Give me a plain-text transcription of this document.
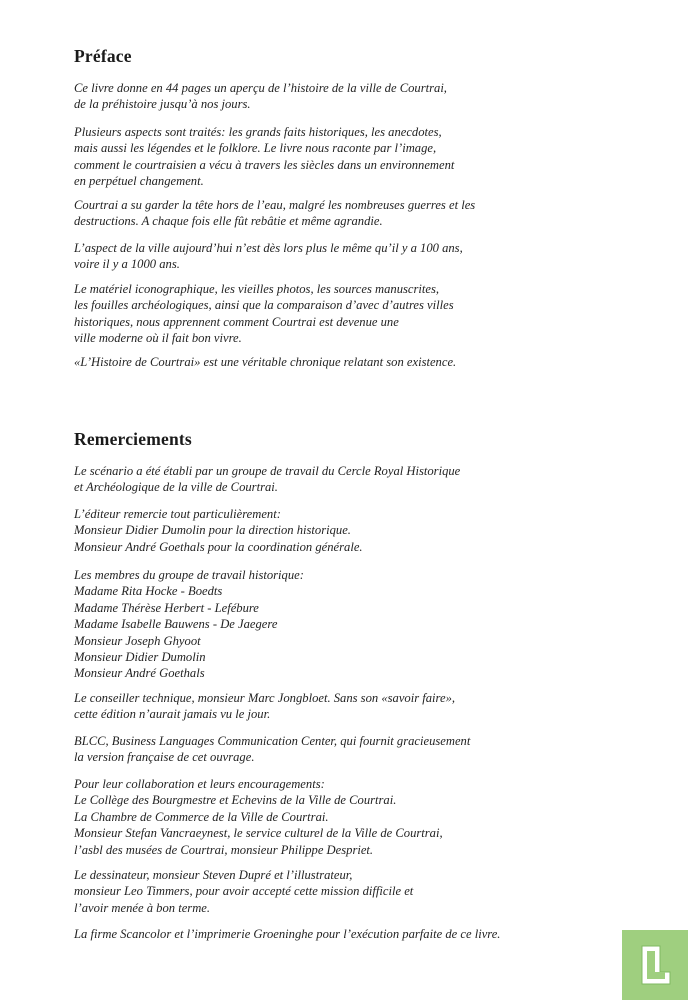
Préface

Ce livre donne en 44 pages un aperçu de l’histoire de la ville de Courtrai,
de la préhistoire jusqu’à nos jours.

Plusieurs aspects sont traités: les grands faits historiques, les anecdotes,
mais aussi les légendes et le folklore. Le livre nous raconte par l’image,
comment le courtraisien a vécu à travers les siècles dans un environnement
en perpétuel changement.

Courtrai a su garder la tête hors de l’eau, malgré les nombreuses guerres et les
destructions. A chaque fois elle fût rebâtie et même agrandie.

L’aspect de la ville aujourd’hui n’est dès lors plus le même qu’il y a 100 ans,
voire il y a 1000 ans.

Le matériel iconographique, les vieilles photos, les sources manuscrites,
les fouilles archéologiques, ainsi que la comparaison d’avec d’autres villes
historiques, nous apprennent comment Courtrai est devenue une
ville moderne où il fait bon vivre.

«L’Histoire de Courtrai» est une véritable chronique relatant son existence.

Remerciements

Le scénario a été établi par un groupe de travail du Cercle Royal Historique
et Archéologique de la ville de Courtrai.

L’éditeur remercie tout particulièrement:
Monsieur Didier Dumolin pour la direction historique.
Monsieur André Goethals pour la coordination générale.

Les membres du groupe de travail historique:
Madame Rita Hocke - Boedts
Madame Thérèse Herbert - Lefébure
Madame Isabelle Bauwens - De Jaegere
Monsieur Joseph Ghyoot
Monsieur Didier Dumolin
Monsieur André Goethals

Le conseiller technique, monsieur Marc Jongbloet. Sans son «savoir faire»,
cette édition n’aurait jamais vu le jour.

BLCC, Business Languages Communication Center, qui fournit gracieusement
la version française de cet ouvrage.

Pour leur collaboration et leurs encouragements:
Le Collège des Bourgmestre et Echevins de la Ville de Courtrai.
La Chambre de Commerce de la Ville de Courtrai.
Monsieur Stefan Vancraeynest, le service culturel de la Ville de Courtrai,
l’asbl des musées de Courtrai, monsieur Philippe Despriet.

Le dessinateur, monsieur Steven Dupré et l’illustrateur,
monsieur Leo Timmers, pour avoir accepté cette mission difficile et
l’avoir menée à bon terme.

La firme Scancolor et l’imprimerie Groeninghe pour l’exécution parfaite de ce livre.
